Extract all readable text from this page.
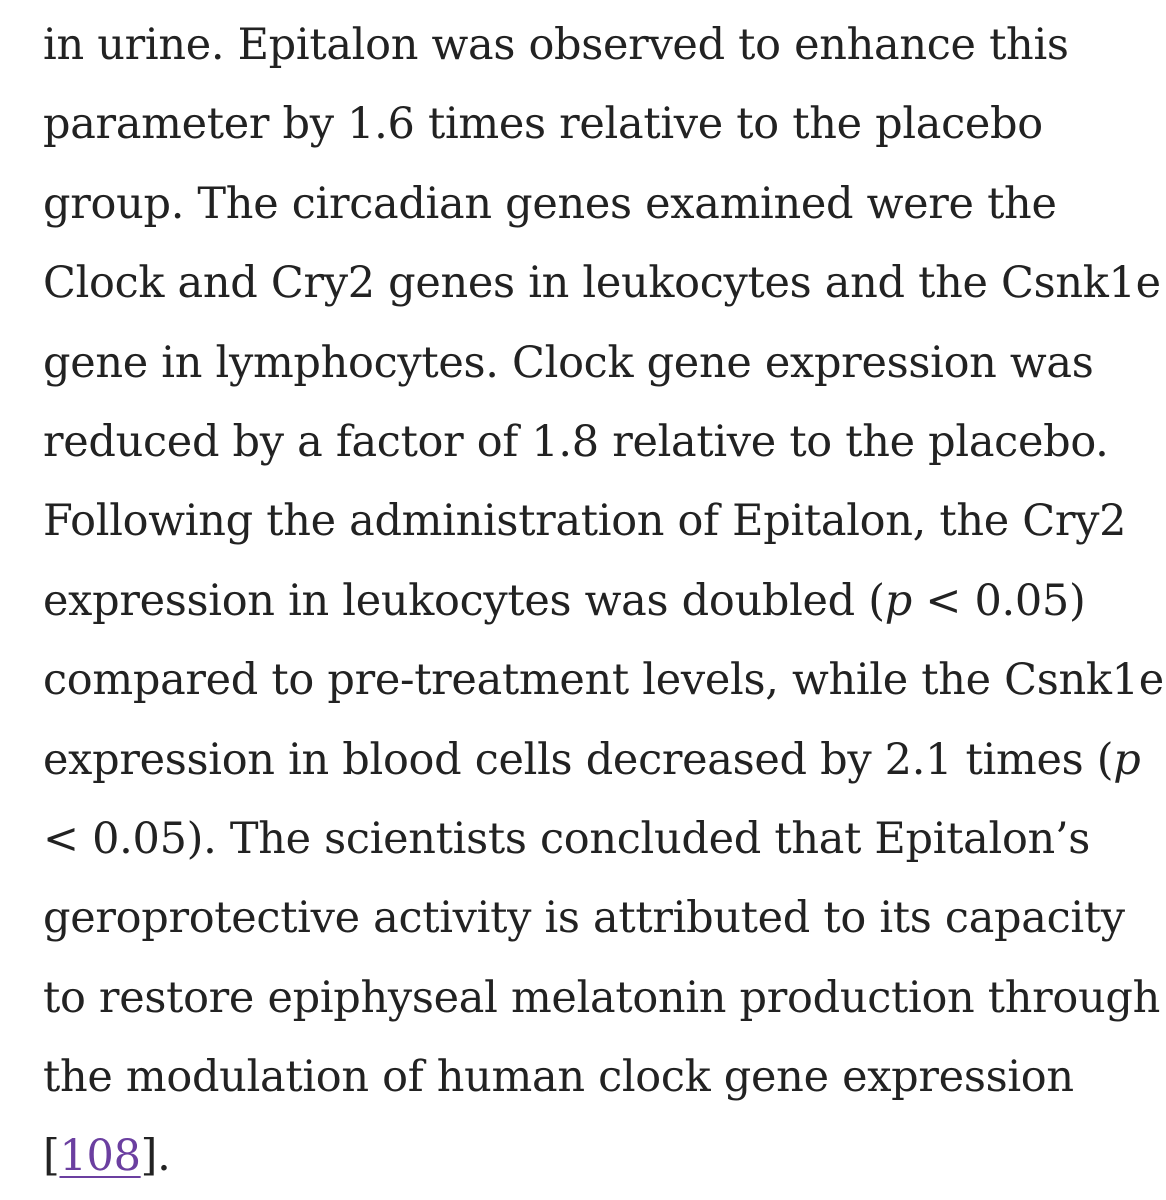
in urine. Epitalon was observed to enhance this
parameter by 1.6 times relative to the placebo
group. The circadian genes examined were the
Clock and Cry2 genes in leukocytes and the Csnk1e
gene in lymphocytes. Clock gene expression was
reduced by a factor of 1.8 relative to the placebo.
Following the administration of Epitalon, the Cry2
expression in leukocytes was doubled (p < 0.05)
compared to pre-treatment levels, while the Csnk1e
expression in blood cells decreased by 2.1 times (p
< 0.05). The scientists concluded that Epitalon’s
geroprotective activity is attributed to its capacity
to restore epiphyseal melatonin production through
the modulation of human clock gene expression
[108].
